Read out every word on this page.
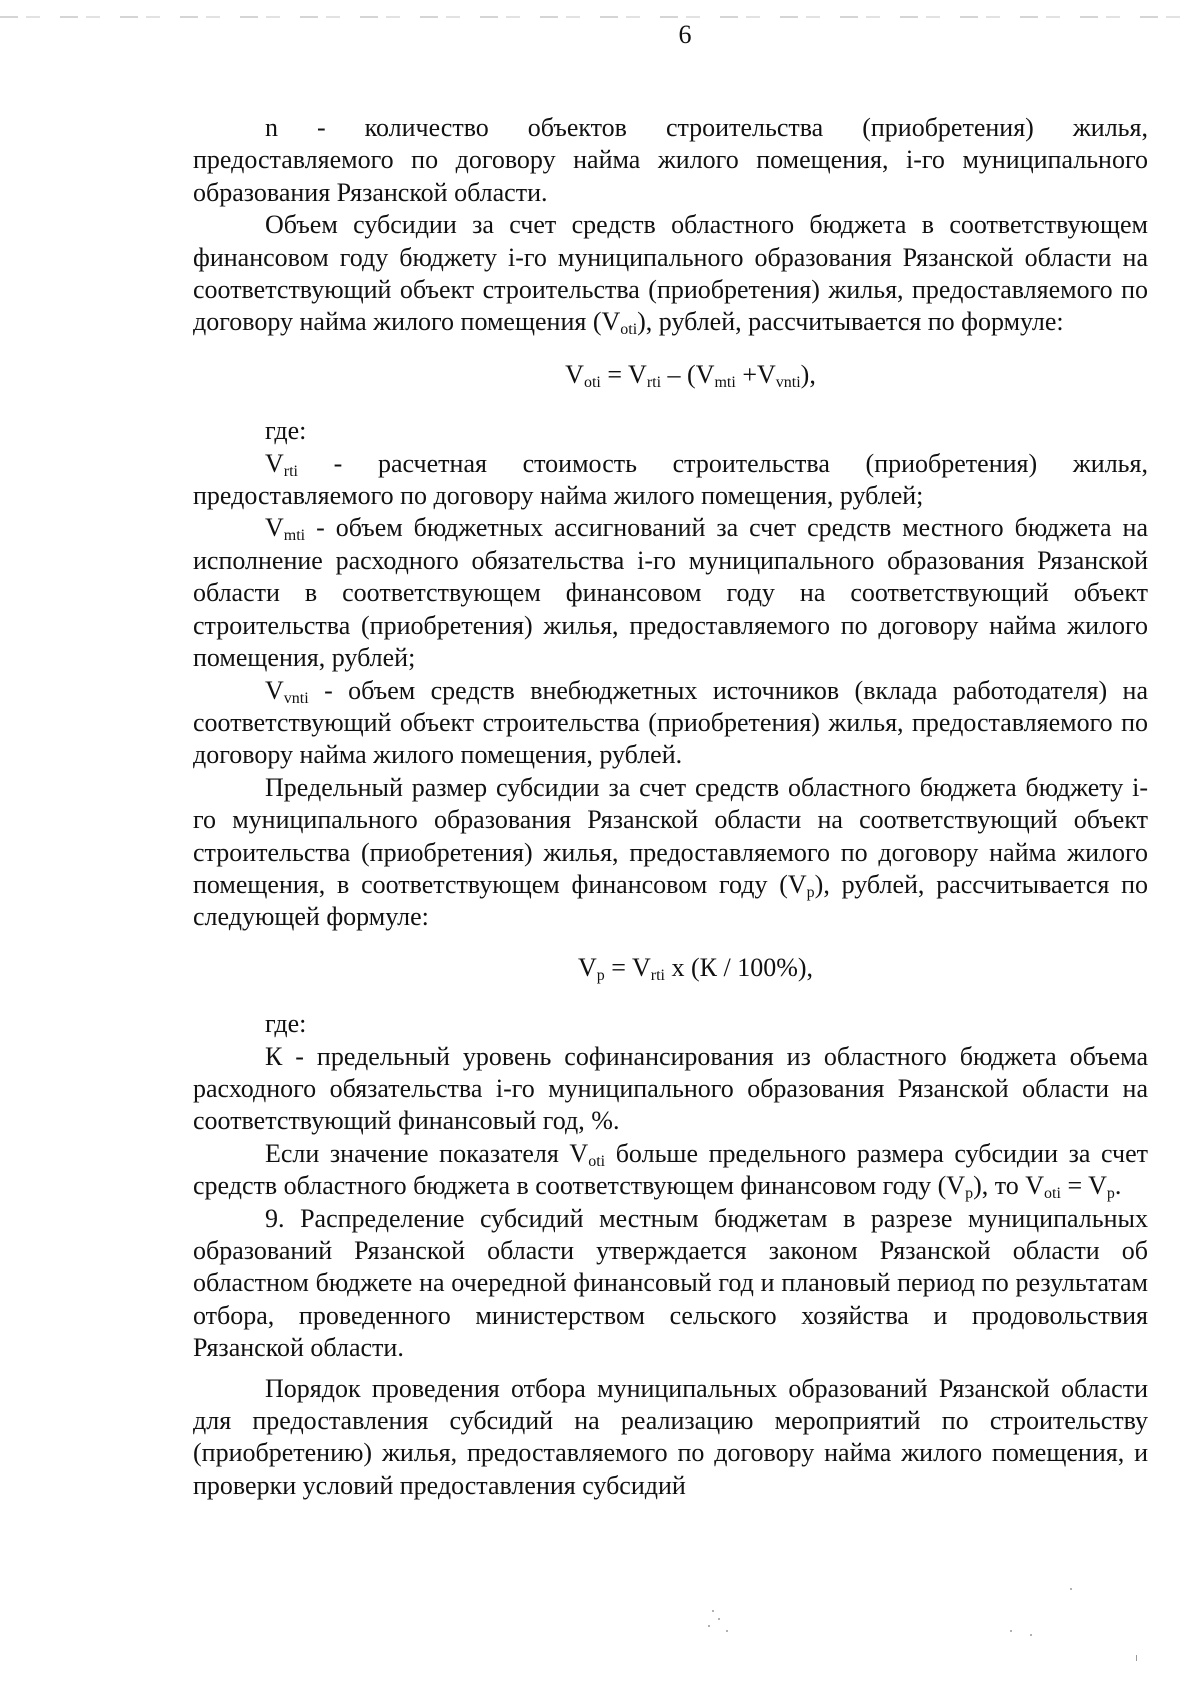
6

n - количество объектов строительства (приобретения) жилья, предоставляемого по договору найма жилого помещения, i-го муниципального образования Рязанской области.

Объем субсидии за счет средств областного бюджета в соответствующем финансовом году бюджету i-го муниципального образования Рязанской области на соответствующий объект строительства (приобретения) жилья, предоставляемого по договору найма жилого помещения $(V_{oti})$, рублей, рассчитывается по формуле:

$V_{oti} = V_{rti} - (V_{mti} +V_{vnti})$,

где:

$V_{rti}$ - расчетная стоимость строительства (приобретения) жилья, предоставляемого по договору найма жилого помещения, рублей;

$V_{mti}$ - объем бюджетных ассигнований за счет средств местного бюджета на исполнение расходного обязательства i-го муниципального образования Рязанской области в соответствующем финансовом году на соответствующий объект строительства (приобретения) жилья, предоставляемого по договору найма жилого помещения, рублей;

$V_{vnti}$ - объем средств внебюджетных источников (вклада работодателя) на соответствующий объект строительства (приобретения) жилья, предоставляемого по договору найма жилого помещения, рублей.

Предельный размер субсидии за счет средств областного бюджета бюджету i-го муниципального образования Рязанской области на соответствующий объект строительства (приобретения) жилья, предоставляемого по договору найма жилого помещения, в соответствующем финансовом году $(V_p)$, рублей, рассчитывается по следующей формуле:

$V_p = V_{rti}$ x (К / 100%),

где:

К - предельный уровень софинансирования из областного бюджета объема расходного обязательства i-го муниципального образования Рязанской области на соответствующий финансовый год, %.

Если значение показателя $V_{oti}$ больше предельного размера субсидии за счет средств областного бюджета в соответствующем финансовом году $(V_p)$, то $V_{oti} = V_p$.

9. Распределение субсидий местным бюджетам в разрезе муниципальных образований Рязанской области утверждается законом Рязанской области об областном бюджете на очередной финансовый год и плановый период по результатам отбора, проведенного министерством сельского хозяйства и продовольствия Рязанской области.

Порядок проведения отбора муниципальных образований Рязанской области для предоставления субсидий на реализацию мероприятий по строительству (приобретению) жилья, предоставляемого по договору найма жилого помещения, и проверки условий предоставления субсидий
